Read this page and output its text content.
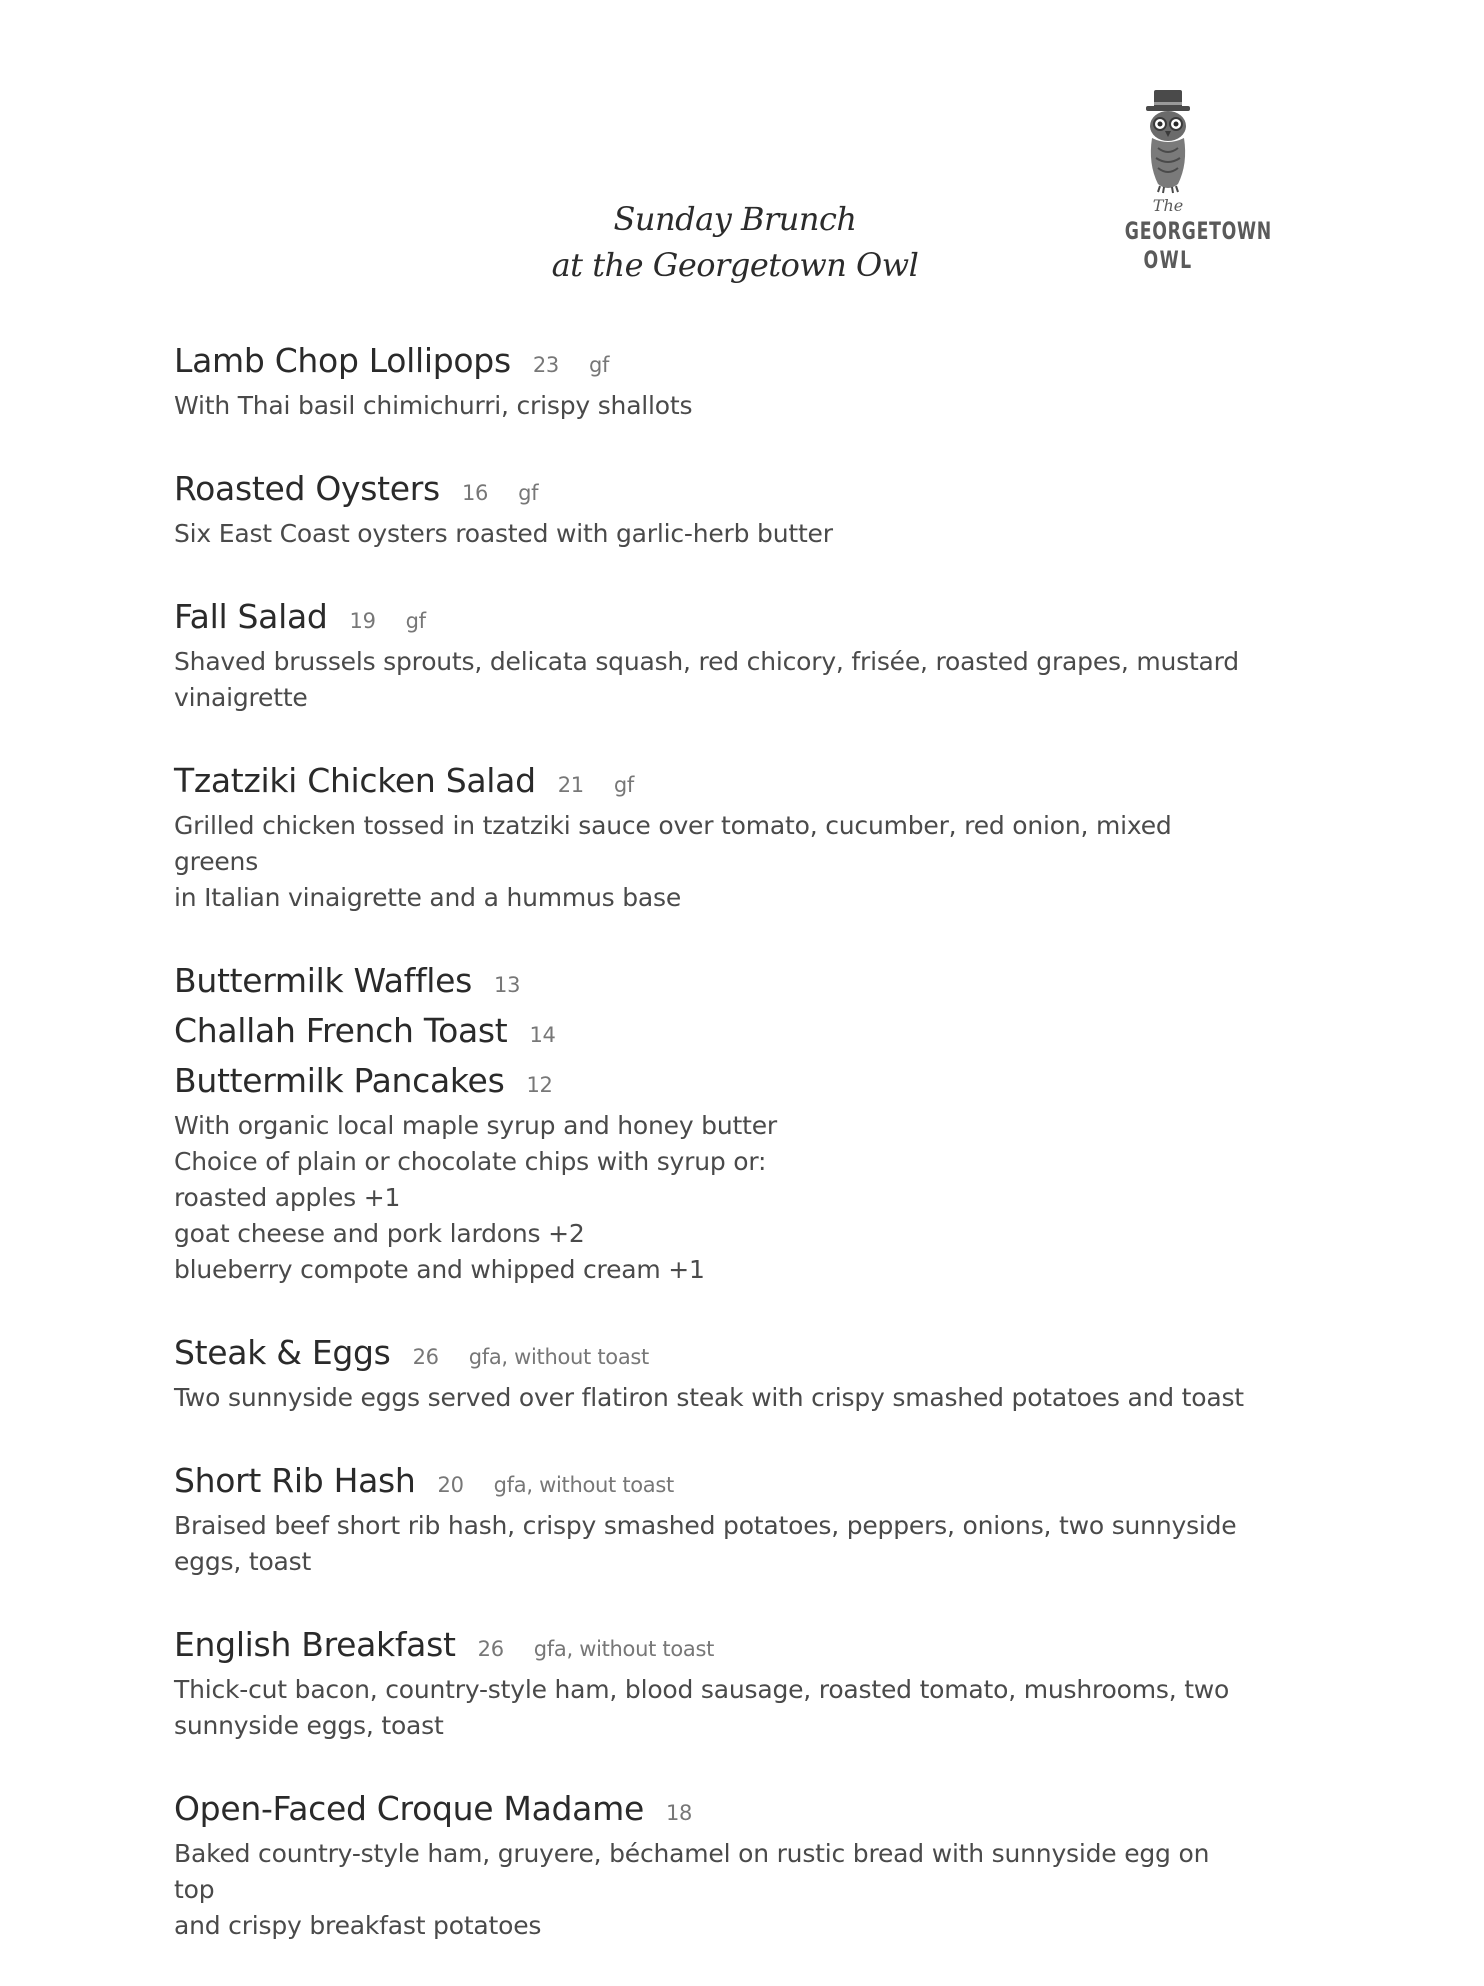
Sunday Brunch
at the Georgetown Owl
The
GEORGETOWN
OWL
Lamb Chop Lollipops 23 gf
With Thai basil chimichurri, crispy shallots
Roasted Oysters 16 gf
Six East Coast oysters roasted with garlic-herb butter
Fall Salad 19 gf
Shaved brussels sprouts, delicata squash, red chicory, frisée, roasted grapes, mustard
vinaigrette
Tzatziki Chicken Salad 21 gf
Grilled chicken tossed in tzatziki sauce over tomato, cucumber, red onion, mixed greens
in Italian vinaigrette and a hummus base
Buttermilk Waffles 13
Challah French Toast 14
Buttermilk Pancakes 12
With organic local maple syrup and honey butter
Choice of plain or chocolate chips with syrup or:
roasted apples +1
goat cheese and pork lardons +2
blueberry compote and whipped cream +1
Steak & Eggs 26 gfa, without toast
Two sunnyside eggs served over flatiron steak with crispy smashed potatoes and toast
Short Rib Hash 20 gfa, without toast
Braised beef short rib hash, crispy smashed potatoes, peppers, onions, two sunnyside
eggs, toast
English Breakfast 26 gfa, without toast
Thick-cut bacon, country-style ham, blood sausage, roasted tomato, mushrooms, two
sunnyside eggs, toast
Open-Faced Croque Madame 18
Baked country-style ham, gruyere, béchamel on rustic bread with sunnyside egg on top
and crispy breakfast potatoes
